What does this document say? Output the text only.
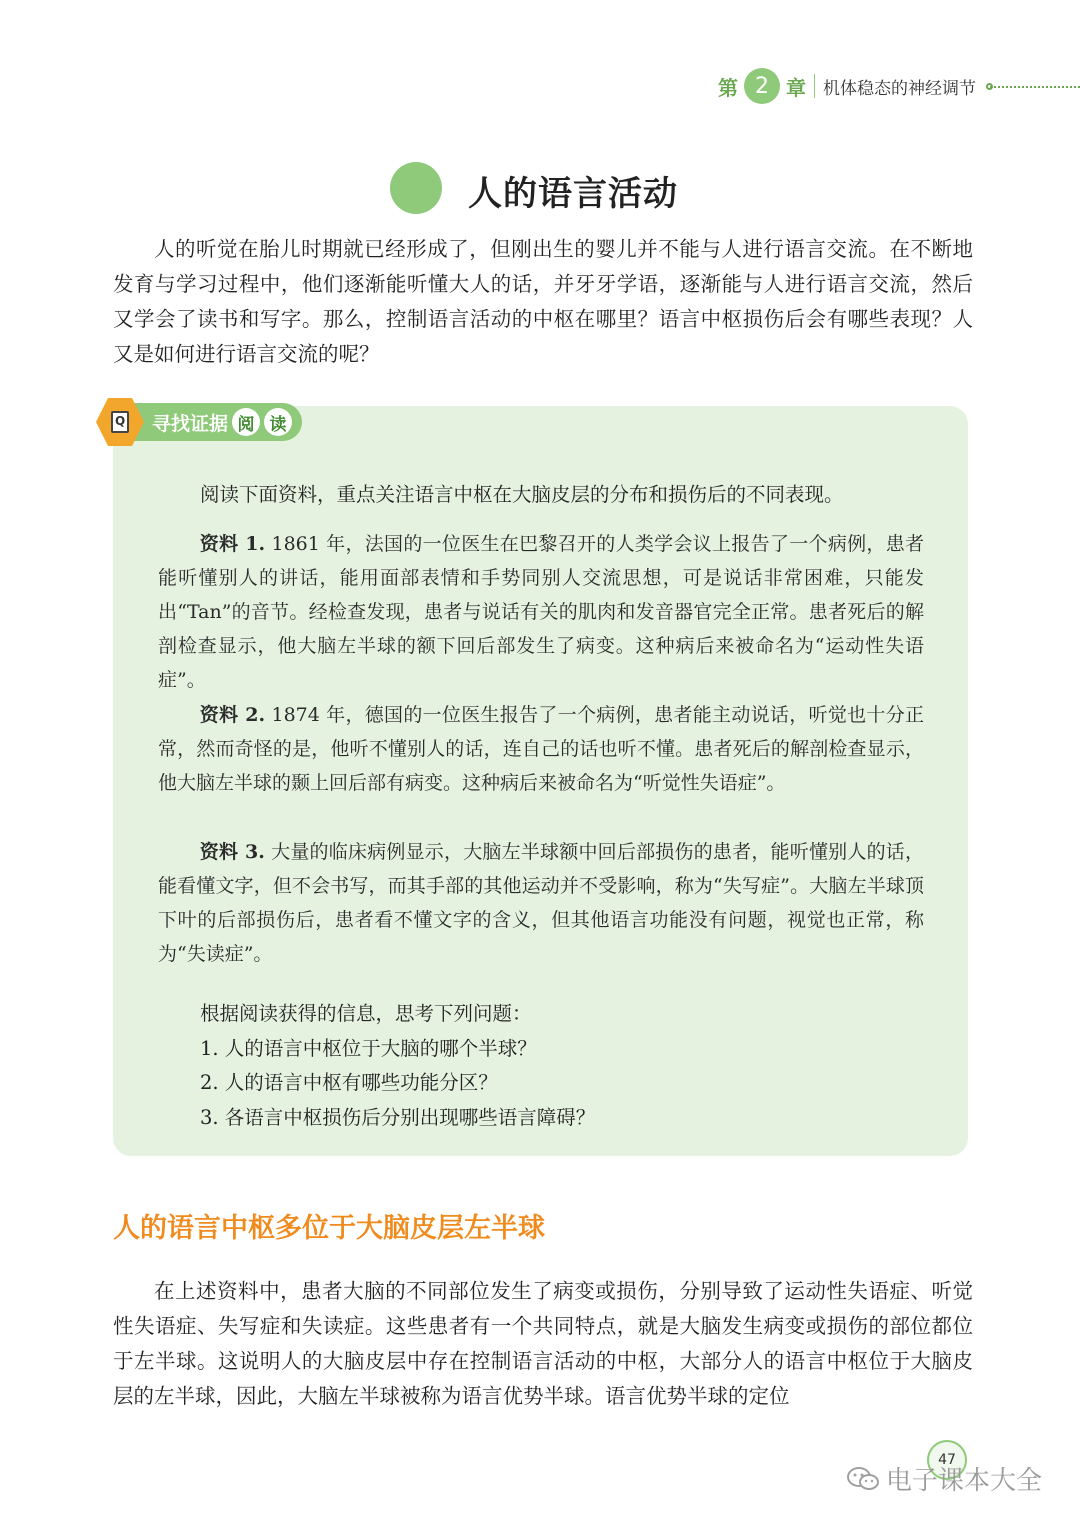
第 2 章 机体稳态的神经调节
人的语言活动

人的听觉在胎儿时期就已经形成了，但刚出生的婴儿并不能与人进行语言交流。在不断地发育与学习过程中，他们逐渐能听懂大人的话，并牙牙学语，逐渐能与人进行语言交流，然后又学会了读书和写字。那么，控制语言活动的中枢在哪里？语言中枢损伤后会有哪些表现？人又是如何进行语言交流的呢？

Q
寻找证据 阅 读

阅读下面资料，重点关注语言中枢在大脑皮层的分布和损伤后的不同表现。

资料 1. 1861 年，法国的一位医生在巴黎召开的人类学会议上报告了一个病例，患者能听懂别人的讲话，能用面部表情和手势同别人交流思想，可是说话非常困难，只能发出“Tan”的音节。经检查发现，患者与说话有关的肌肉和发音器官完全正常。患者死后的解剖检查显示，他大脑左半球的额下回后部发生了病变。这种病后来被命名为“运动性失语症”。

资料 2. 1874 年，德国的一位医生报告了一个病例，患者能主动说话，听觉也十分正常，然而奇怪的是，他听不懂别人的话，连自己的话也听不懂。患者死后的解剖检查显示，他大脑左半球的颞上回后部有病变。这种病后来被命名为“听觉性失语症”。

资料 3. 大量的临床病例显示，大脑左半球额中回后部损伤的患者，能听懂别人的话，能看懂文字，但不会书写，而其手部的其他运动并不受影响，称为“失写症”。大脑左半球顶下叶的后部损伤后，患者看不懂文字的含义，但其他语言功能没有问题，视觉也正常，称为“失读症”。

根据阅读获得的信息，思考下列问题：
1. 人的语言中枢位于大脑的哪个半球？
2. 人的语言中枢有哪些功能分区？
3. 各语言中枢损伤后分别出现哪些语言障碍？
人的语言中枢多位于大脑皮层左半球

在上述资料中，患者大脑的不同部位发生了病变或损伤，分别导致了运动性失语症、听觉性失语症、失写症和失读症。这些患者有一个共同特点，就是大脑发生病变或损伤的部位都位于左半球。这说明人的大脑皮层中存在控制语言活动的中枢，大部分人的语言中枢位于大脑皮层的左半球，因此，大脑左半球被称为语言优势半球。语言优势半球的定位

47
电子课本大全
